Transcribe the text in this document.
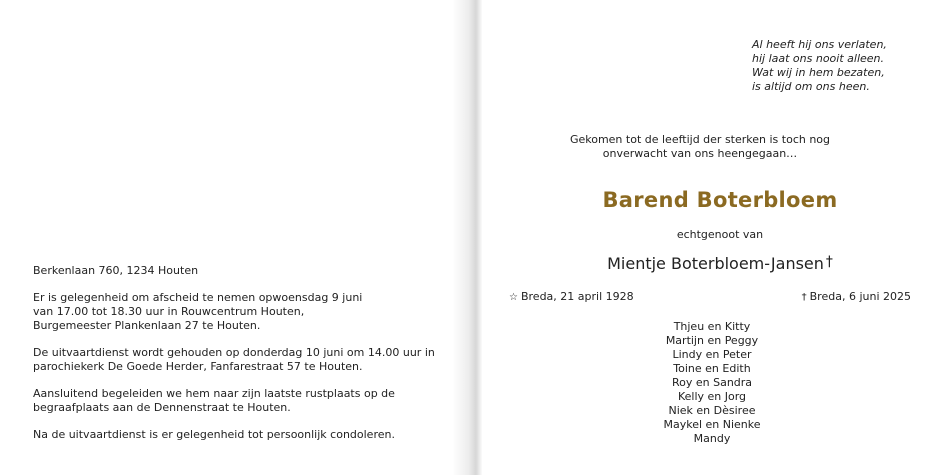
Berkenlaan 760, 1234 Houten

Er is gelegenheid om afscheid te nemen opwoensdag 9 juni
van 17.00 tot 18.30 uur in Rouwcentrum Houten,
Burgemeester Plankenlaan 27 te Houten.

De uitvaartdienst wordt gehouden op donderdag 10 juni om 14.00 uur in
parochiekerk De Goede Herder, Fanfarestraat 57 te Houten.

Aansluitend begeleiden we hem naar zijn laatste rustplaats op de
begraafplaats aan de Dennenstraat te Houten.

Na de uitvaartdienst is er gelegenheid tot persoonlijk condoleren.

Al heeft hij ons verlaten,
hij laat ons nooit alleen.
Wat wij in hem bezaten,
is altijd om ons heen.
Gekomen tot de leeftijd der sterken is toch nog
onverwacht van ons heengegaan…
Barend Boterbloem
echtgenoot van
Mientje Boterbloem-Jansen †
☆ Breda, 21 april 1928	† Breda, 6 juni 2025
Thjeu en Kitty
Martijn en Peggy
Lindy en Peter
Toine en Edith
Roy en Sandra
Kelly en Jorg
Niek en Dèsiree
Maykel en Nienke
Mandy
